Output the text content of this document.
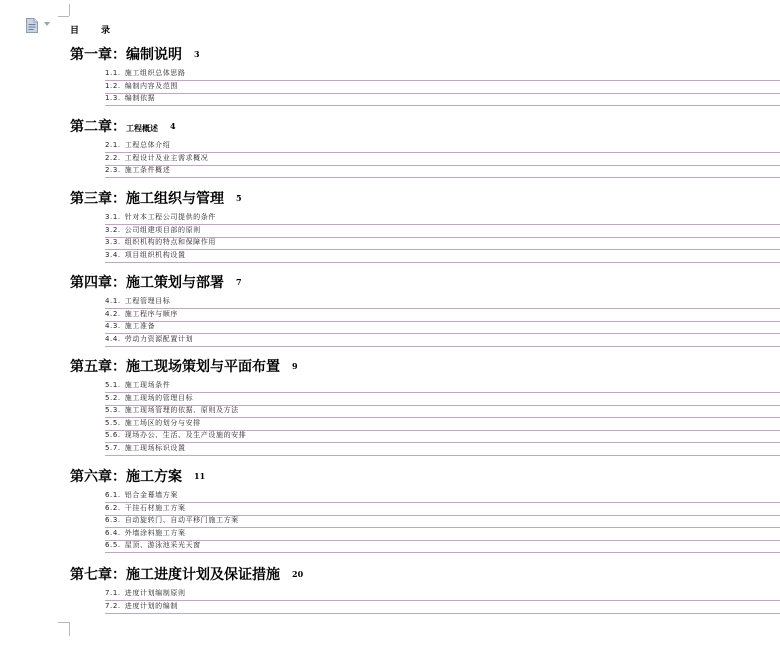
目 录
第一章：编制说明 3
1.1. 施工组织总体思路
1.2. 编制内容及范围
1.3. 编制依据
第二章：工程概述 4
2.1. 工程总体介绍
2.2. 工程设计及业主需求概况
2.3. 施工条件概述
第三章：施工组织与管理 5
3.1. 针对本工程公司提供的条件
3.2. 公司组建项目部的原则
3.3. 组织机构的特点和保障作用
3.4. 项目组织机构设置
第四章：施工策划与部署 7
4.1. 工程管理目标
4.2. 施工程序与顺序
4.3. 施工准备
4.4. 劳动力资源配置计划
第五章：施工现场策划与平面布置 9
5.1. 施工现场条件
5.2. 施工现场的管理目标
5.3. 施工现场管理的依据、原则及方法
5.5. 施工场区的划分与安排
5.6. 现场办公、生活、及生产设施的安排
5.7. 施工现场标识设置
第六章：施工方案 11
6.1. 铝合金幕墙方案
6.2. 干挂石材施工方案
6.3. 自动旋转门、自动平移门施工方案
6.4. 外墙涂料施工方案
6.5. 屋顶、游泳池采光天窗
第七章：施工进度计划及保证措施 20
7.1. 进度计划编制原则
7.2. 进度计划的编制
